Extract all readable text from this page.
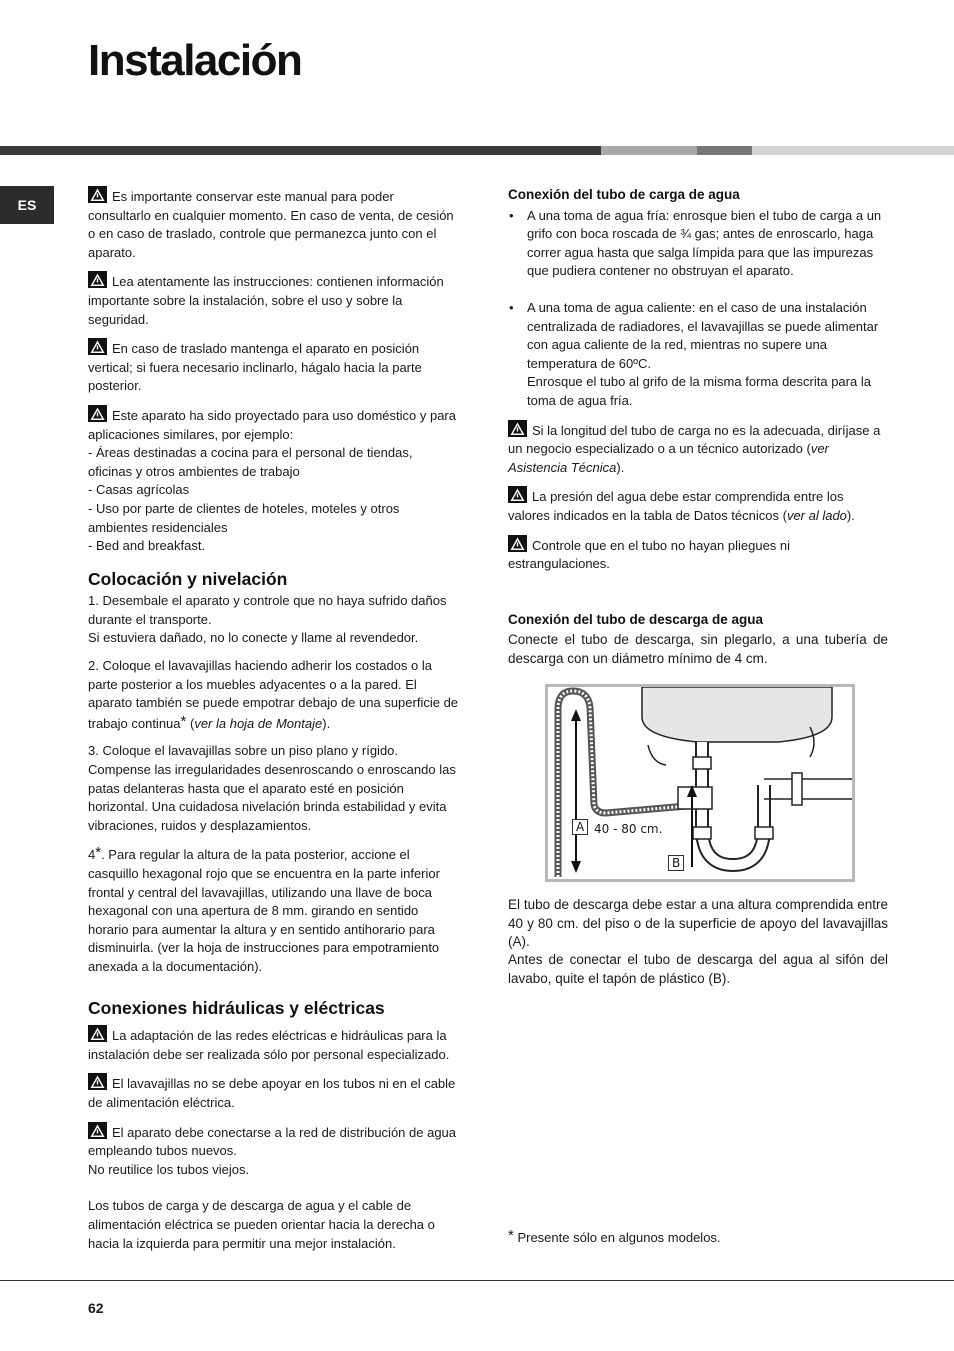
Instalación
ES

Es importante conservar este manual para poder consultarlo en cualquier momento. En caso de venta, de cesión o en caso de traslado, controle que permanezca junto con el aparato.

Lea atentamente las instrucciones: contienen información importante sobre la instalación, sobre el uso y sobre la seguridad.

En caso de traslado mantenga el aparato en posición vertical; si fuera necesario inclinarlo, hágalo hacia la parte posterior.

Este aparato ha sido proyectado para uso doméstico y para aplicaciones similares, por ejemplo:

- Áreas destinadas a cocina para el personal de tiendas, oficinas y otros ambientes de trabajo

- Casas agrícolas

- Uso por parte de clientes de hoteles, moteles y otros ambientes residenciales

- Bed and breakfast.

Colocación y nivelación

1. Desembale el aparato y controle que no haya sufrido daños durante el transporte.

Si estuviera dañado, no lo conecte y llame al revendedor.

2. Coloque el lavavajillas haciendo adherir los costados o la parte posterior a los muebles adyacentes o a la pared. El aparato también se puede empotrar debajo de una superficie de trabajo continua* (ver la hoja de Montaje).

3. Coloque el lavavajillas sobre un piso plano y rígido. Compense las irregularidades desenroscando o enroscando las patas delanteras hasta que el aparato esté en posición horizontal. Una cuidadosa nivelación brinda estabilidad y evita vibraciones, ruidos y desplazamientos.

4*. Para regular la altura de la pata posterior, accione el casquillo hexagonal rojo que se encuentra en la parte inferior frontal y central del lavavajillas, utilizando una llave de boca hexagonal con una apertura de 8 mm. girando en sentido horario para aumentar la altura y en sentido antihorario para disminuirla. (ver la hoja de instrucciones para empotramiento anexada a la documentación).

Conexiones hidráulicas y eléctricas

La adaptación de las redes eléctricas e hidráulicas para la instalación debe ser realizada sólo por personal especializado.

El lavavajillas no se debe apoyar en los tubos ni en el cable de alimentación eléctrica.

El aparato debe conectarse a la red de distribución de agua empleando tubos nuevos.

No reutilice los tubos viejos.

Los tubos de carga y de descarga de agua y el cable de alimentación eléctrica se pueden orientar hacia la derecha o hacia la izquierda para permitir una mejor instalación.

Conexión del tubo de carga de agua
• A una toma de agua fría: enrosque bien el tubo de carga a un grifo con boca roscada de ¾ gas; antes de enroscarlo, haga correr agua hasta que salga límpida para que las impurezas que pudiera contener no obstruyan el aparato.
• A una toma de agua caliente: en el caso de una instalación centralizada de radiadores, el lavavajillas se puede alimentar con agua caliente de la red, mientras no supere una temperatura de 60ºC.

Enrosque el tubo al grifo de la misma forma descrita para la toma de agua fría.

Si la longitud del tubo de carga no es la adecuada, diríjase a un negocio especializado o a un técnico autorizado (ver Asistencia Técnica).

La presión del agua debe estar comprendida entre los valores indicados en la tabla de Datos técnicos (ver al lado).

Controle que en el tubo no hayan pliegues ni estrangulaciones.

Conexión del tubo de descarga de agua

Conecte el tubo de descarga, sin plegarlo, a una tubería de descarga con un diámetro mínimo de 4 cm.

A 40 - 80 cm.
B

El tubo de descarga debe estar a una altura comprendida entre 40 y 80 cm. del piso o de la superficie de apoyo del lavavajillas (A).

Antes de conectar el tubo de descarga del agua al sifón del lavabo, quite el tapón de plástico (B).

* Presente sólo en algunos modelos.
62
